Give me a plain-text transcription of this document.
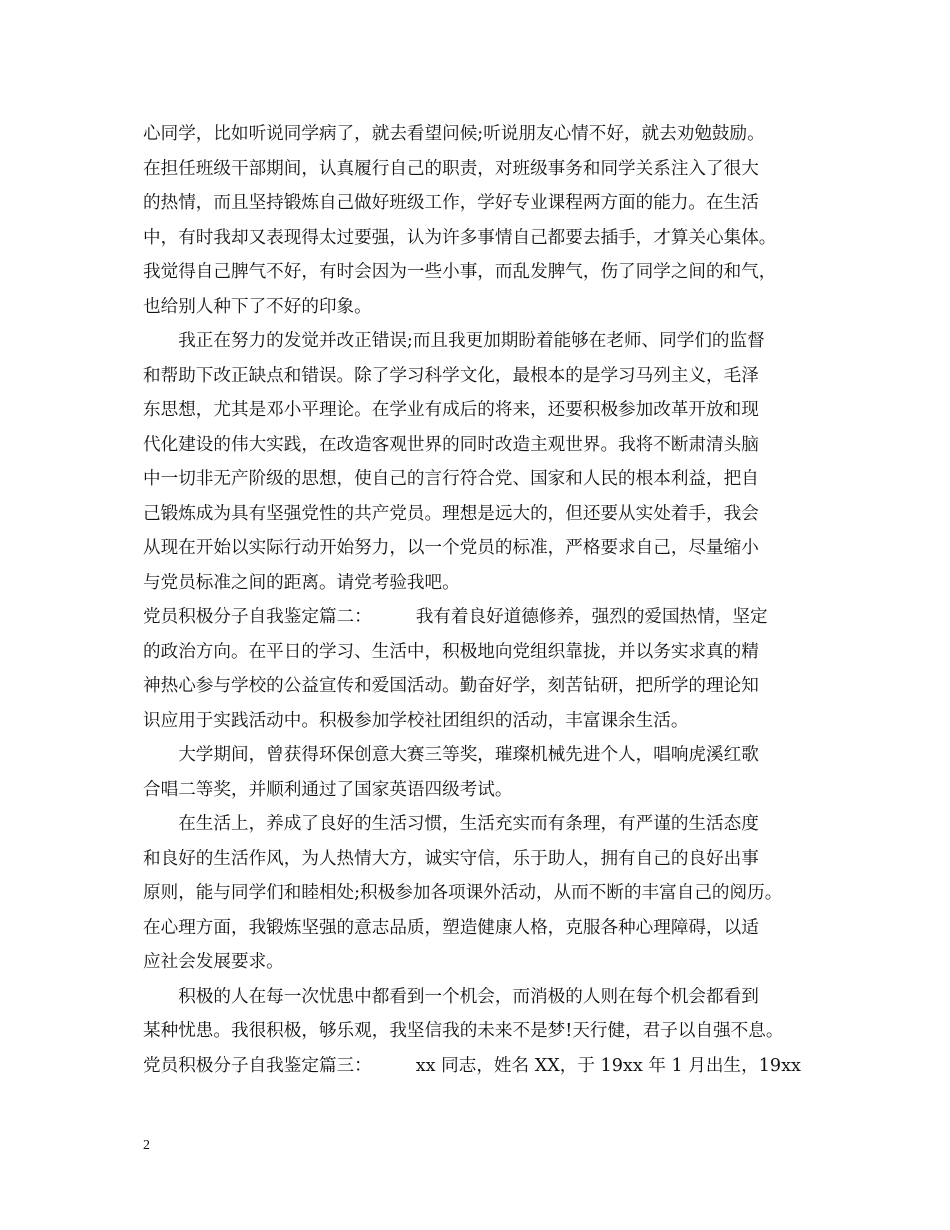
心同学，比如听说同学病了，就去看望问候;听说朋友心情不好，就去劝勉鼓励。
在担任班级干部期间，认真履行自己的职责，对班级事务和同学关系注入了很大
的热情，而且坚持锻炼自己做好班级工作，学好专业课程两方面的能力。在生活
中，有时我却又表现得太过要强，认为许多事情自己都要去插手，才算关心集体。
我觉得自己脾气不好，有时会因为一些小事，而乱发脾气，伤了同学之间的和气，
也给别人种下了不好的印象。
　　我正在努力的发觉并改正错误;而且我更加期盼着能够在老师、同学们的监督
和帮助下改正缺点和错误。除了学习科学文化，最根本的是学习马列主义，毛泽
东思想，尤其是邓小平理论。在学业有成后的将来，还要积极参加改革开放和现
代化建设的伟大实践，在改造客观世界的同时改造主观世界。我将不断肃清头脑
中一切非无产阶级的思想，使自己的言行符合党、国家和人民的根本利益，把自
己锻炼成为具有坚强党性的共产党员。理想是远大的，但还要从实处着手，我会
从现在开始以实际行动开始努力，以一个党员的标准，严格要求自己，尽量缩小
与党员标准之间的距离。请党考验我吧。
党员积极分子自我鉴定篇二：　　　我有着良好道德修养，强烈的爱国热情，坚定
的政治方向。在平日的学习、生活中，积极地向党组织靠拢，并以务实求真的精
神热心参与学校的公益宣传和爱国活动。勤奋好学，刻苦钻研，把所学的理论知
识应用于实践活动中。积极参加学校社团组织的活动，丰富课余生活。
　　大学期间，曾获得环保创意大赛三等奖，璀璨机械先进个人，唱响虎溪红歌
合唱二等奖，并顺利通过了国家英语四级考试。
　　在生活上，养成了良好的生活习惯，生活充实而有条理，有严谨的生活态度
和良好的生活作风，为人热情大方，诚实守信，乐于助人，拥有自己的良好出事
原则，能与同学们和睦相处;积极参加各项课外活动，从而不断的丰富自己的阅历。
在心理方面，我锻炼坚强的意志品质，塑造健康人格，克服各种心理障碍，以适
应社会发展要求。
　　积极的人在每一次忧患中都看到一个机会，而消极的人则在每个机会都看到
某种忧患。我很积极，够乐观，我坚信我的未来不是梦!天行健，君子以自强不息。
党员积极分子自我鉴定篇三：　　　xx 同志，姓名 XX，于 19xx 年 1 月出生，19xx
2
